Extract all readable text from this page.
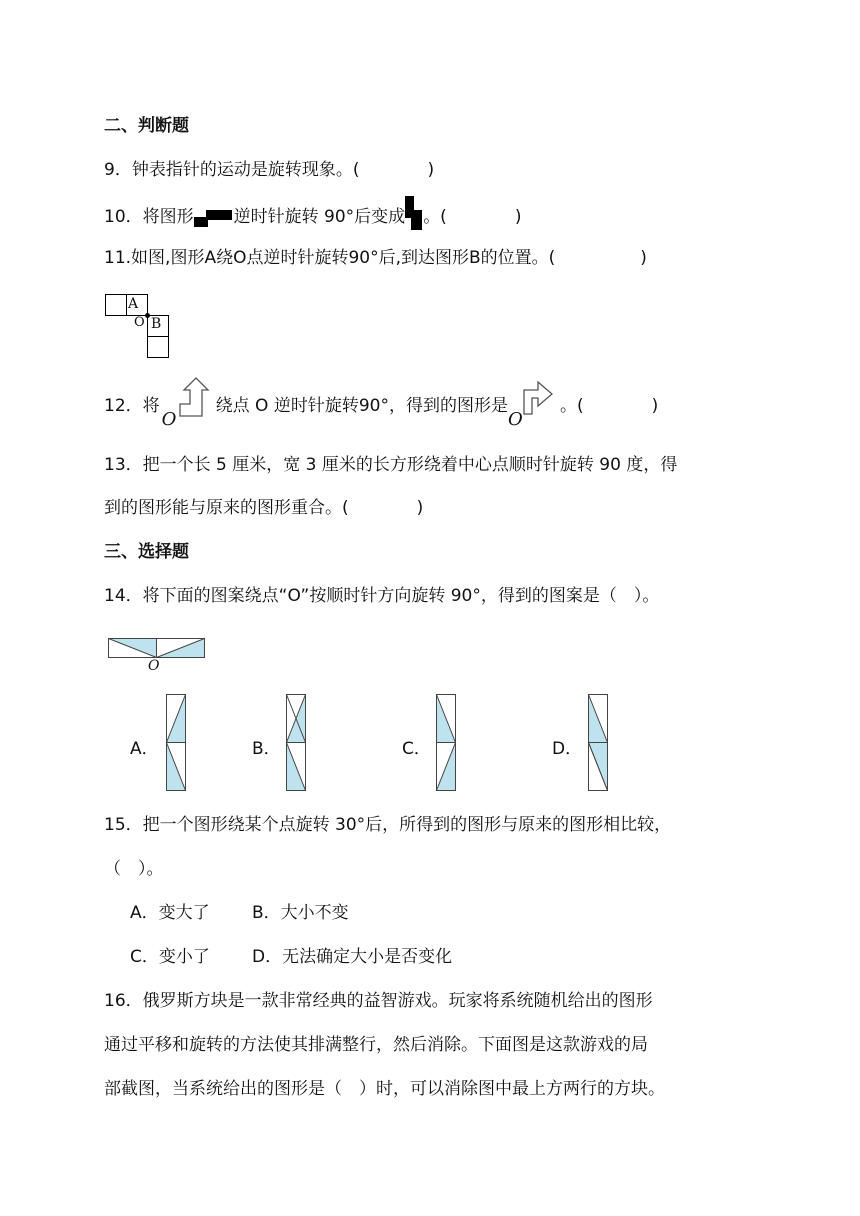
二、判断题
9．钟表指针的运动是旋转现象。(　　　　)
10．将图形 逆时针旋转 90°后变成 。(　　　　)
11.如图,图形A绕O点逆时针旋转90°后,到达图形B的位置。(　　　　　)
A
O B
12．将
O
绕点 O 逆时针旋转90°，得到的图形是
O
。(　　　　)
13．把一个长 5 厘米，宽 3 厘米的长方形绕着中心点顺时针旋转 90 度，得
到的图形能与原来的图形重合。(　　　　)
三、选择题
14．将下面的图案绕点“O”按顺时针方向旋转 90°，得到的图案是（　）。
O
A．	B．	C．	D．
15．把一个图形绕某个点旋转 30°后，所得到的图形与原来的图形相比较，
（　）。
A．变大了 B．大小不变
C．变小了 D．无法确定大小是否变化
16．俄罗斯方块是一款非常经典的益智游戏。玩家将系统随机给出的图形
通过平移和旋转的方法使其排满整行，然后消除。下面图是这款游戏的局
部截图，当系统给出的图形是（　）时，可以消除图中最上方两行的方块。
